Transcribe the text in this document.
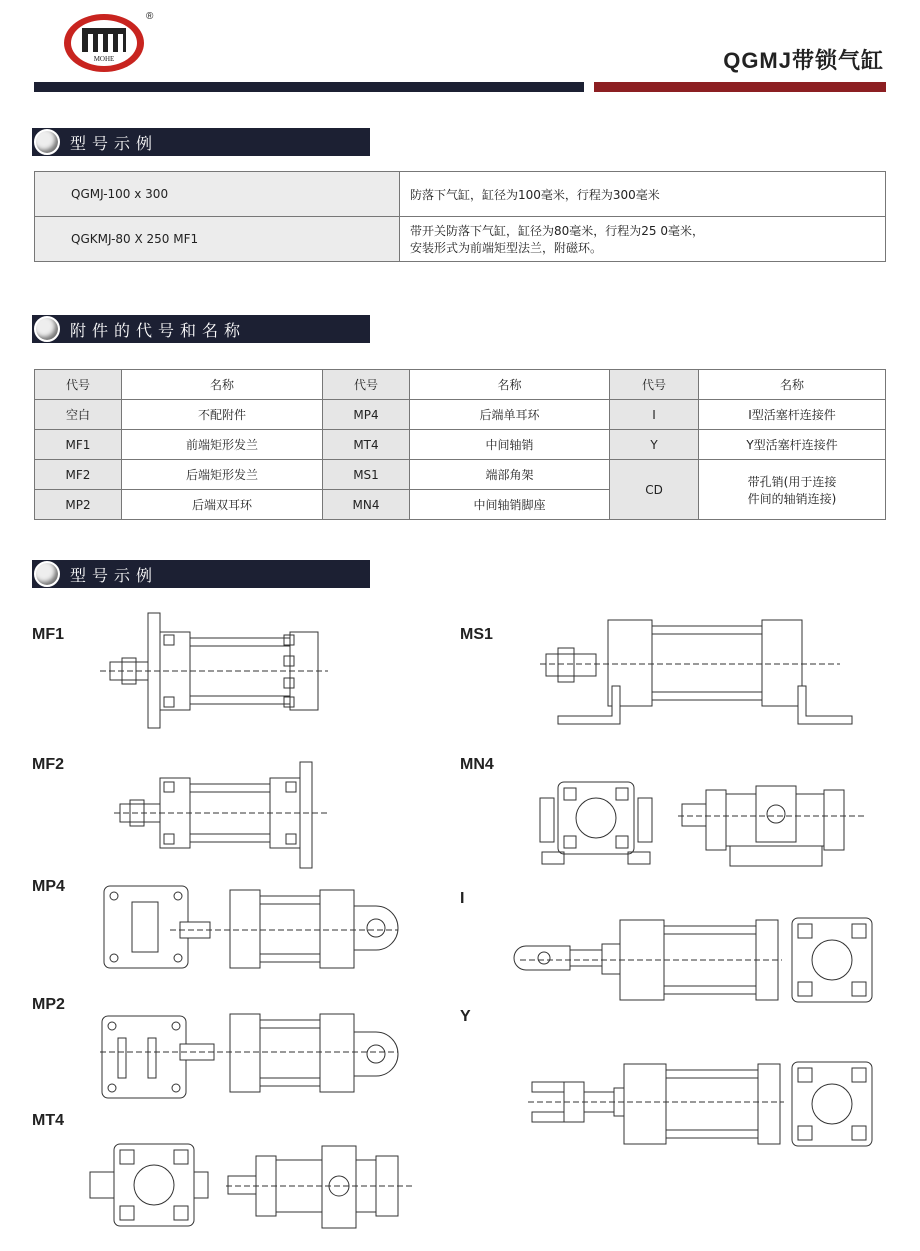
MOHE
®
QGMJ带锁气缸
型号示例
QGMJ-100 x 300	防落下气缸，缸径为100毫米，行程为300毫米
QGKMJ-80 X 250 MF1	带开关防落下气缸，缸径为80毫米，行程为25 0毫米，
安装形式为前端矩型法兰，附磁环。
附件的代号和名称
代号	名称	代号	名称	代号	名称
空白	不配附件	MP4	后端单耳环	I	I型活塞杆连接件
MF1	前端矩形发兰	MT4	中间轴销	Y	Y型活塞杆连接件
MF2	后端矩形发兰	MS1	端部角架	CD	带孔销(用于连接
件间的轴销连接)

MP2	后端双耳环	MN4	中间轴销脚座		
型号示例
MF1
MF2
MP4
MP2
MT4
MS1
MN4
I
Y
